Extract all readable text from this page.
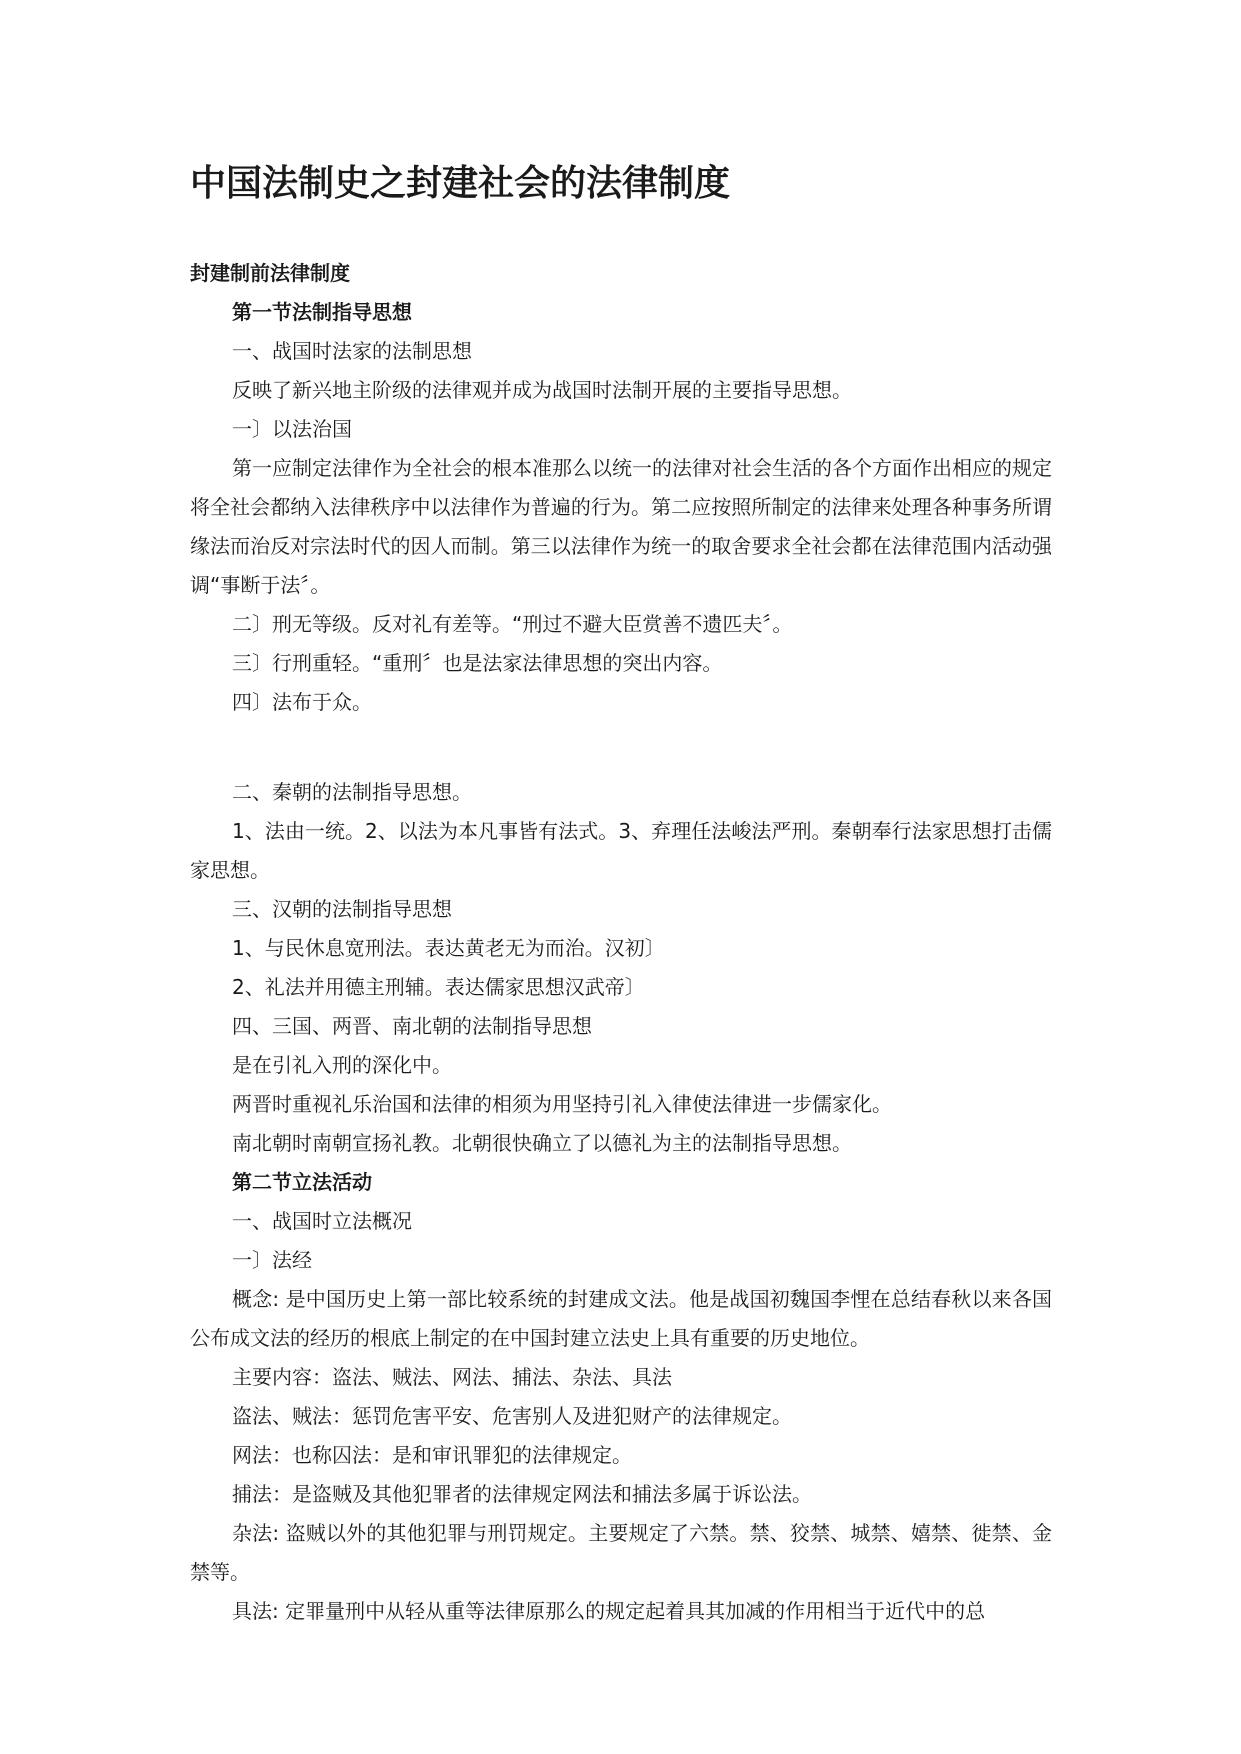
中国法制史之封建社会的法律制度

封建制前法律制度

第一节法制指导思想

一、战国时法家的法制思想

反映了新兴地主阶级的法律观并成为战国时法制开展的主要指导思想。

一〕以法治国

第一应制定法律作为全社会的根本准那么以统一的法律对社会生活的各个方面作出相应的规定将全社会都纳入法律秩序中以法律作为普遍的行为。第二应按照所制定的法律来处理各种事务所谓缘法而治反对宗法时代的因人而制。第三以法律作为统一的取舍要求全社会都在法律范围内活动强调“事断于法〞。

二〕刑无等级。反对礼有差等。“刑过不避大臣赏善不遗匹夫〞。

三〕行刑重轻。“重刑〞也是法家法律思想的突出内容。

四〕法布于众。

二、秦朝的法制指导思想。

1、法由一统。2、以法为本凡事皆有法式。3、弃理任法峻法严刑。秦朝奉行法家思想打击儒家思想。

三、汉朝的法制指导思想

1、与民休息宽刑法。表达黄老无为而治。汉初〕

2、礼法并用德主刑辅。表达儒家思想汉武帝〕

四、三国、两晋、南北朝的法制指导思想

是在引礼入刑的深化中。

两晋时重视礼乐治国和法律的相须为用坚持引礼入律使法律进一步儒家化。

南北朝时南朝宣扬礼教。北朝很快确立了以德礼为主的法制指导思想。

第二节立法活动

一、战国时立法概况

一〕法经

概念: 是中国历史上第一部比较系统的封建成文法。他是战国初魏国李悝在总结春秋以来各国公布成文法的经历的根底上制定的在中国封建立法史上具有重要的历史地位。

主要内容：盗法、贼法、网法、捕法、杂法、具法

盗法、贼法：惩罚危害平安、危害别人及进犯财产的法律规定。

网法：也称囚法：是和审讯罪犯的法律规定。

捕法：是盗贼及其他犯罪者的法律规定网法和捕法多属于诉讼法。

杂法: 盗贼以外的其他犯罪与刑罚规定。主要规定了六禁。禁、狡禁、城禁、嬉禁、徙禁、金禁等。

具法: 定罪量刑中从轻从重等法律原那么的规定起着具其加减的作用相当于近代中的总
